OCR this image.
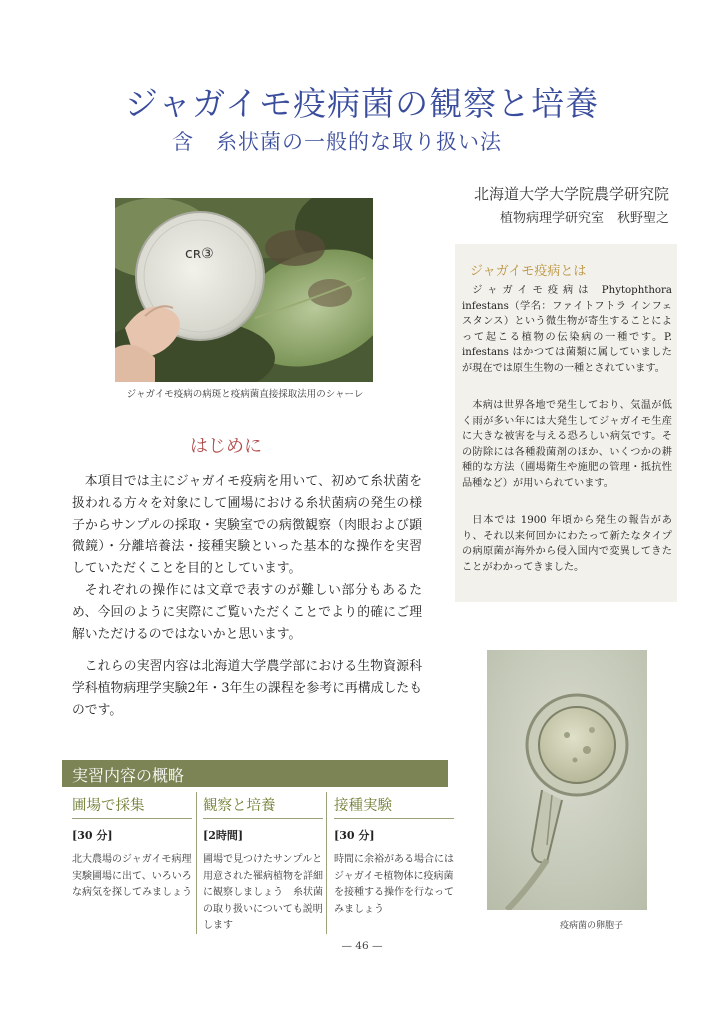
ジャガイモ疫病菌の観察と培養
含　糸状菌の一般的な取り扱い法
北海道大学大学院農学研究院
植物病理学研究室　秋野聖之
ᴄʀ③
ジャガイモ疫病の病斑と疫病菌直接採取法用のシャーレ
ジャガイモ疫病とは
ジャガイモ疫病は Phytophthora infestans（学名：ファイトフトラ インフェスタンス）という微生物が寄生することによって起こる植物の伝染病の一種です。P. infestans はかつては菌類に属していましたが現在では原生生物の一種とされています。
本病は世界各地で発生しており、気温が低く雨が多い年には大発生してジャガイモ生産に大きな被害を与える恐ろしい病気です。その防除には各種殺菌剤のほか、いくつかの耕種的な方法（圃場衛生や施肥の管理・抵抗性品種など）が用いられています。
日本では 1900 年頃から発生の報告があり、それ以来何回かにわたって新たなタイプの病原菌が海外から侵入国内で変異してきたことがわかってきました。
はじめに
本項目では主にジャガイモ疫病を用いて、初めて糸状菌を扱われる方々を対象にして圃場における糸状菌病の発生の様子からサンプルの採取・実験室での病徴観察（肉眼および顕微鏡）・分離培養法・接種実験といった基本的な操作を実習していただくことを目的としています。
それぞれの操作には文章で表すのが難しい部分もあるため、今回のように実際にご覧いただくことでより的確にご理解いただけるのではないかと思います。
これらの実習内容は北海道大学農学部における生物資源科学科植物病理学実験2年・3年生の課程を参考に再構成したものです。
疫病菌の卵胞子
実習内容の概略
圃場で採集
[30 分]
北大農場のジャガイモ病理実験圃場に出て、いろいろな病気を探してみましょう
観察と培養
[2時間]
圃場で見つけたサンプルと用意された罹病植物を詳細に観察しましょう　糸状菌の取り扱いについても説明します
接種実験
[30 分]
時間に余裕がある場合にはジャガイモ植物体に疫病菌を接種する操作を行なってみましょう
— 46 —
